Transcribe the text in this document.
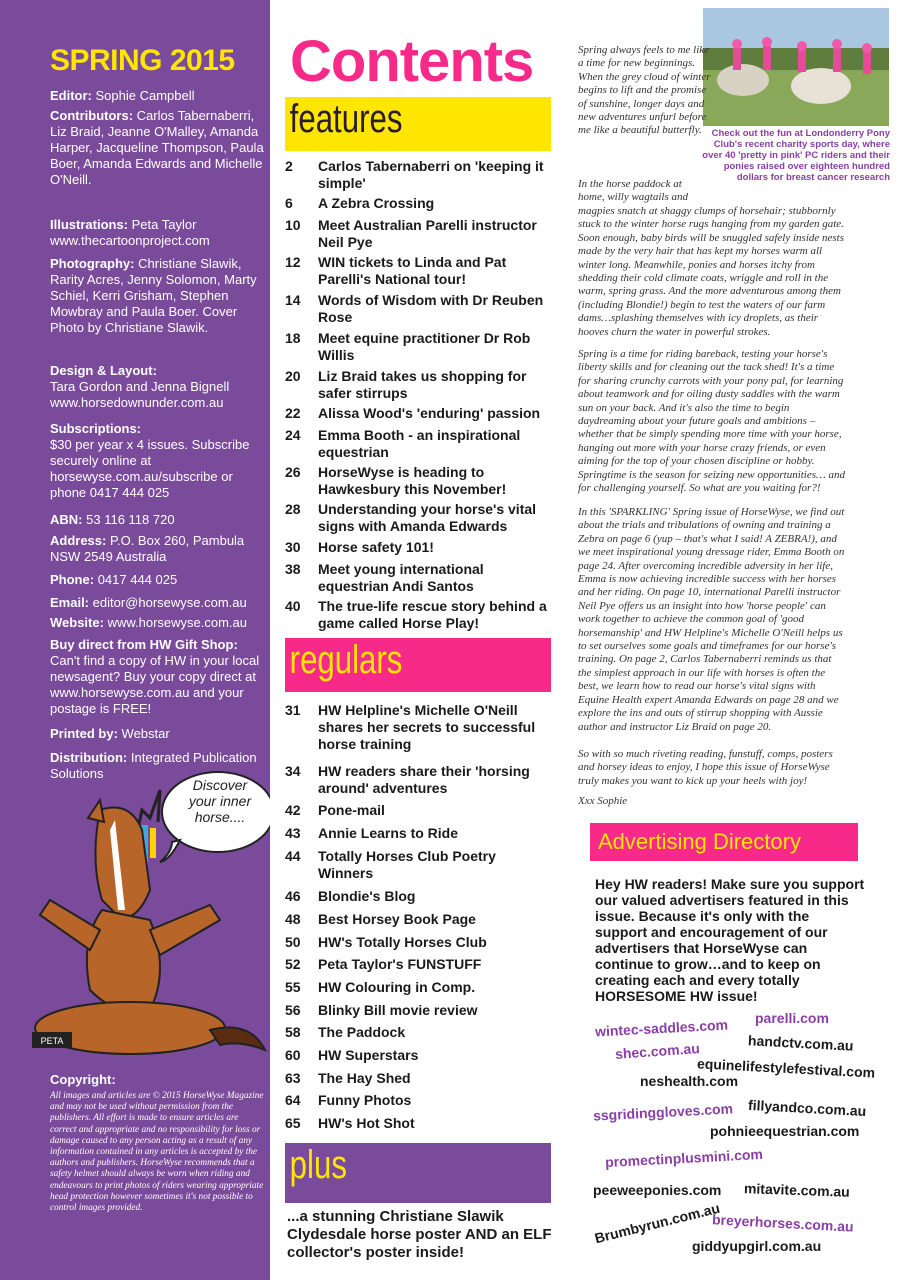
SPRING 2015
Editor: Sophie Campbell
Contributors: Carlos Tabernaberri, Liz Braid, Jeanne O'Malley, Amanda Harper, Jacqueline Thompson, Paula Boer, Amanda Edwards and Michelle O'Neill.
Illustrations: Peta Taylor
www.thecartoonproject.com
Photography: Christiane Slawik, Rarity Acres, Jenny Solomon, Marty Schiel, Kerri Grisham, Stephen Mowbray and Paula Boer. Cover Photo by Christiane Slawik.
Design & Layout:
Tara Gordon and Jenna Bignell
www.horsedownunder.com.au
Subscriptions:
$30 per year x 4 issues. Subscribe securely online at horsewyse.com.au/subscribe or phone 0417 444 025
ABN: 53 116 118 720
Address: P.O. Box 260, Pambula NSW 2549 Australia
Phone: 0417 444 025
Email: editor@horsewyse.com.au
Website: www.horsewyse.com.au
Buy direct from HW Gift Shop:
Can't find a copy of HW in your local newsagent? Buy your copy direct at www.horsewyse.com.au and your postage is FREE!
Printed by: Webstar
Distribution: Integrated Publication Solutions
Discover
your inner
horse....
PETA
Copyright:
All images and articles are © 2015 HorseWyse Magazine and may not be used without permission from the publishers. All effort is made to ensure articles are correct and appropriate and no responsibility for loss or damage caused to any person acting as a result of any information contained in any articles is accepted by the authors and publishers. HorseWyse recommends that a safety helmet should always be worn when riding and endeavours to print photos of riders wearing appropriate head protection however sometimes it's not possible to control images provided.
Contents
features
2	Carlos Tabernaberri on 'keeping it simple'
6	A Zebra Crossing
10	Meet Australian Parelli instructor Neil Pye
12	WIN tickets to Linda and Pat Parelli's National tour!
14	Words of Wisdom with Dr Reuben Rose
18	Meet equine practitioner Dr Rob Willis
20	Liz Braid takes us shopping for safer stirrups
22	Alissa Wood's 'enduring' passion
24	Emma Booth - an inspirational equestrian
26	HorseWyse is heading to Hawkesbury this November!
28	Understanding your horse's vital signs with Amanda Edwards
30	Horse safety 101!
38	Meet young international equestrian Andi Santos
40	The true-life rescue story behind a game called Horse Play!
regulars
31	HW Helpline's Michelle O'Neill shares her secrets to successful horse training
34	HW readers share their 'horsing around' adventures
42	Pone-mail
43	Annie Learns to Ride
44	Totally Horses Club Poetry Winners
46	Blondie's Blog
48	Best Horsey Book Page
50	HW's Totally Horses Club
52	Peta Taylor's FUNSTUFF
55	HW Colouring in Comp.
56	Blinky Bill movie review
58	The Paddock
60	HW Superstars
63	The Hay Shed
64	Funny Photos
65	HW's Hot Shot
plus
...a stunning Christiane Slawik Clydesdale horse poster AND an ELF collector's poster inside!
Check out the fun at Londonderry Pony Club's recent charity sports day, where over 40 'pretty in pink' PC riders and their ponies raised over eighteen hundred dollars for breast cancer research
Spring always feels to me like a time for new beginnings. When the grey cloud of winter begins to lift and the promise of sunshine, longer days and new adventures unfurl before me like a beautiful butterfly.
In the horse paddock at home, willy wagtails and
magpies snatch at shaggy clumps of horsehair; stubbornly stuck to the winter horse rugs hanging from my garden gate. Soon enough, baby birds will be snuggled safely inside nests made by the very hair that has kept my horses warm all winter long. Meanwhile, ponies and horses itchy from shedding their cold climate coats, wriggle and roll in the warm, spring grass. And the more adventurous among them (including Blondie!) begin to test the waters of our farm dams…splashing themselves with icy droplets, as their hooves churn the water in powerful strokes.
Spring is a time for riding bareback, testing your horse's liberty skills and for cleaning out the tack shed! It's a time for sharing crunchy carrots with your pony pal, for learning about teamwork and for oiling dusty saddles with the warm sun on your back. And it's also the time to begin daydreaming about your future goals and ambitions – whether that be simply spending more time with your horse, hanging out more with your horse crazy friends, or even aiming for the top of your chosen discipline or hobby. Springtime is the season for seizing new opportunities… and for challenging yourself. So what are you waiting for?!
In this 'SPARKLING' Spring issue of HorseWyse, we find out about the trials and tribulations of owning and training a Zebra on page 6 (yup – that's what I said! A ZEBRA!), and we meet inspirational young dressage rider, Emma Booth on page 24. After overcoming incredible adversity in her life, Emma is now achieving incredible success with her horses and her riding. On page 10, international Parelli instructor Neil Pye offers us an insight into how 'horse people' can work together to achieve the common goal of 'good horsemanship' and HW Helpline's Michelle O'Neill helps us to set ourselves some goals and timeframes for our horse's training. On page 2, Carlos Tabernaberri reminds us that the simplest approach in our life with horses is often the best, we learn how to read our horse's vital signs with Equine Health expert Amanda Edwards on page 28 and we explore the ins and outs of stirrup shopping with Aussie author and instructor Liz Braid on page 20.
So with so much riveting reading, funstuff, comps, posters and horsey ideas to enjoy, I hope this issue of HorseWyse truly makes you want to kick up your heels with joy!
Xxx Sophie
Advertising Directory
Hey HW readers! Make sure you support our valued advertisers featured in this issue. Because it's only with the support and encouragement of our advertisers that HorseWyse can continue to grow…and to keep on creating each and every totally HORSESOME HW issue!
wintec-saddles.com parelli.com
handctv.com.au
shec.com.au
equinelifestylefestival.com
neshealth.com
ssgridinggloves.com fillyandco.com.au
pohnieequestrian.com
promectinplusmini.com
peeweeponies.com mitavite.com.au
Brumbyrun.com.au
breyerhorses.com.au
giddyupgirl.com.au
